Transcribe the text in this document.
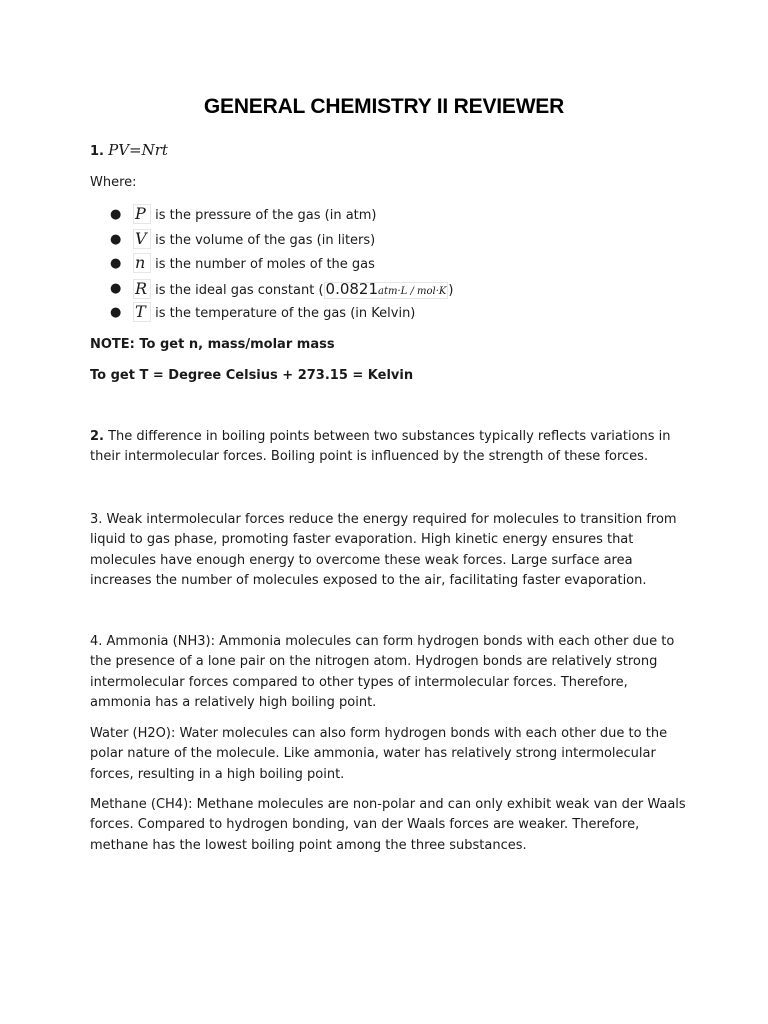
GENERAL CHEMISTRY II REVIEWER
1. PV=Nrt
Where:
● P is the pressure of the gas (in atm)
● V is the volume of the gas (in liters)
● n is the number of moles of the gas
● R is the ideal gas constant ( 0.0821atm·L / mol·K )
● T is the temperature of the gas (in Kelvin)
NOTE: To get n, mass/molar mass
To get T = Degree Celsius + 273.15 = Kelvin

2. The difference in boiling points between two substances typically reflects variations in their intermolecular forces. Boiling point is influenced by the strength of these forces.

3. Weak intermolecular forces reduce the energy required for molecules to transition from liquid to gas phase, promoting faster evaporation. High kinetic energy ensures that molecules have enough energy to overcome these weak forces. Large surface area increases the number of molecules exposed to the air, facilitating faster evaporation.

4. Ammonia (NH3): Ammonia molecules can form hydrogen bonds with each other due to the presence of a lone pair on the nitrogen atom. Hydrogen bonds are relatively strong intermolecular forces compared to other types of intermolecular forces. Therefore, ammonia has a relatively high boiling point.

Water (H2O): Water molecules can also form hydrogen bonds with each other due to the polar nature of the molecule. Like ammonia, water has relatively strong intermolecular forces, resulting in a high boiling point.

Methane (CH4): Methane molecules are non-polar and can only exhibit weak van der Waals forces. Compared to hydrogen bonding, van der Waals forces are weaker. Therefore, methane has the lowest boiling point among the three substances.
